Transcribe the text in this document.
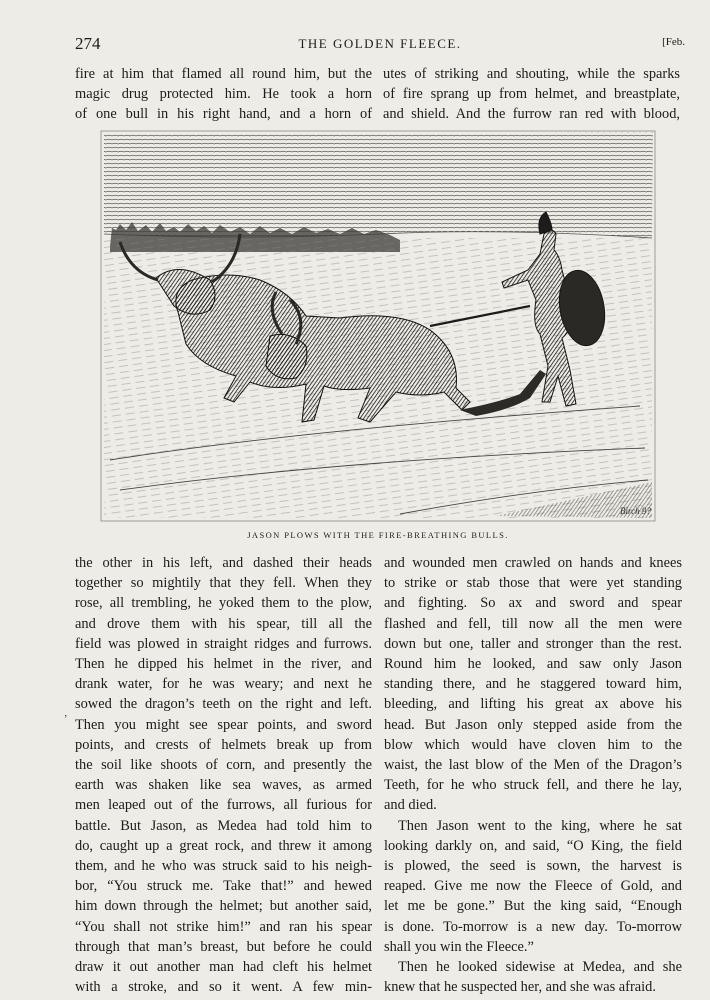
274	THE GOLDEN FLEECE.	[Feb.

fire at him that flamed all round him, but the

magic drug protected him. He took a horn

of one bull in his right hand, and a horn of

utes of striking and shouting, while the sparks

of fire sprang up from helmet, and breastplate,

and shield. And the furrow ran red with blood,

Birch 9?
JASON PLOWS WITH THE FIRE-BREATHING BULLS.
’

the other in his left, and dashed their heads

together so mightily that they fell. When they

rose, all trembling, he yoked them to the plow,

and drove them with his spear, till all the

field was plowed in straight ridges and furrows.

Then he dipped his helmet in the river, and

drank water, for he was weary; and next he

sowed the dragon’s teeth on the right and left.

Then you might see spear points, and sword

points, and crests of helmets break up from

the soil like shoots of corn, and presently the

earth was shaken like sea waves, as armed

men leaped out of the furrows, all furious for

battle. But Jason, as Medea had told him to

do, caught up a great rock, and threw it among

them, and he who was struck said to his neigh-

bor, “You struck me. Take that!” and hewed

him down through the helmet; but another said,

“You shall not strike him!” and ran his spear

through that man’s breast, but before he could

draw it out another man had cleft his helmet

with a stroke, and so it went. A few min-

and wounded men crawled on hands and knees

to strike or stab those that were yet standing

and fighting. So ax and sword and spear

flashed and fell, till now all the men were

down but one, taller and stronger than the rest.

Round him he looked, and saw only Jason

standing there, and he staggered toward him,

bleeding, and lifting his great ax above his

head. But Jason only stepped aside from the

blow which would have cloven him to the

waist, the last blow of the Men of the Dragon’s

Teeth, for he who struck fell, and there he lay,

and died.

Then Jason went to the king, where he sat

looking darkly on, and said, “O King, the field

is plowed, the seed is sown, the harvest is

reaped. Give me now the Fleece of Gold, and

let me be gone.” But the king said, “Enough

is done. To-morrow is a new day. To-morrow

shall you win the Fleece.”

Then he looked sidewise at Medea, and she

knew that he suspected her, and she was afraid.
